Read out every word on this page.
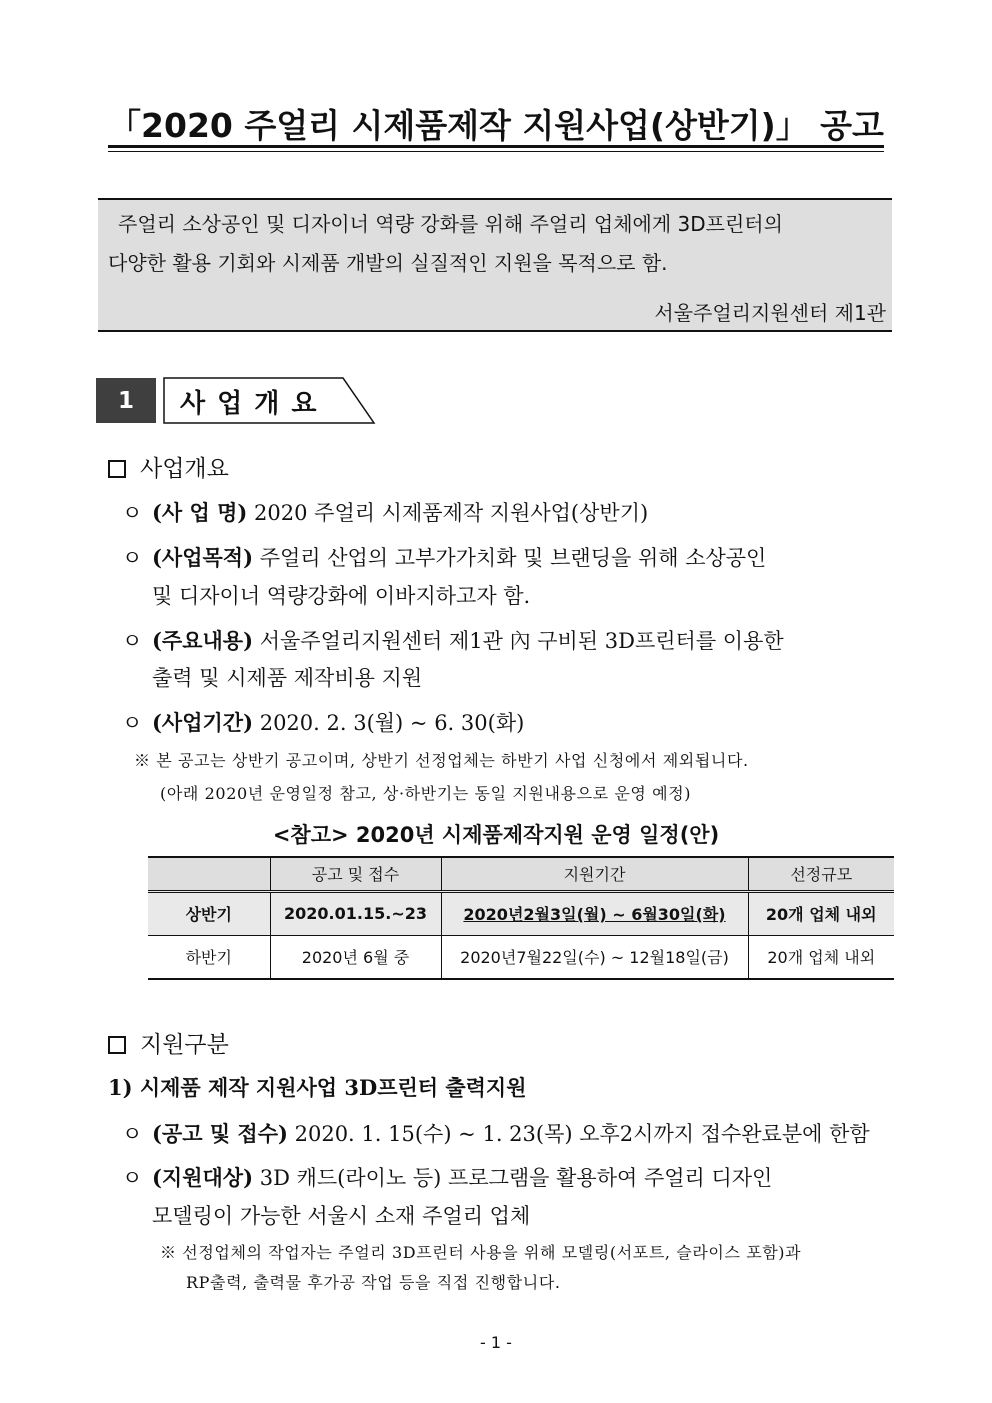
「2020 주얼리 시제품제작 지원사업(상반기)」 공고
주얼리 소상공인 및 디자이너 역량 강화를 위해 주얼리 업체에게 3D프린터의
다양한 활용 기회와 시제품 개발의 실질적인 지원을 목적으로 함.
서울주얼리지원센터 제1관
1	사업개요
사업개요
ㅇ (사 업 명) 2020 주얼리 시제품제작 지원사업(상반기)
ㅇ (사업목적) 주얼리 산업의 고부가가치화 및 브랜딩을 위해 소상공인
및 디자이너 역량강화에 이바지하고자 함.
ㅇ (주요내용) 서울주얼리지원센터 제1관 內 구비된 3D프린터를 이용한
출력 및 시제품 제작비용 지원
ㅇ (사업기간) 2020. 2. 3(월) ~ 6. 30(화)
※ 본 공고는 상반기 공고이며, 상반기 선정업체는 하반기 사업 신청에서 제외됩니다.
(아래 2020년 운영일정 참고, 상·하반기는 동일 지원내용으로 운영 예정)
<참고> 2020년 시제품제작지원 운영 일정(안)
	공고 및 접수	지원기간	선정규모
상반기	2020.01.15.~23	2020년2월3일(월) ~ 6월30일(화)	20개 업체 내외
하반기	2020년 6월 중	2020년7월22일(수) ~ 12월18일(금)	20개 업체 내외
지원구분
1) 시제품 제작 지원사업 3D프린터 출력지원
ㅇ (공고 및 접수) 2020. 1. 15(수) ~ 1. 23(목) 오후2시까지 접수완료분에 한함
ㅇ (지원대상) 3D 캐드(라이노 등) 프로그램을 활용하여 주얼리 디자인
모델링이 가능한 서울시 소재 주얼리 업체
※ 선정업체의 작업자는 주얼리 3D프린터 사용을 위해 모델링(서포트, 슬라이스 포함)과
RP출력, 출력물 후가공 작업 등을 직접 진행합니다.
- 1 -
